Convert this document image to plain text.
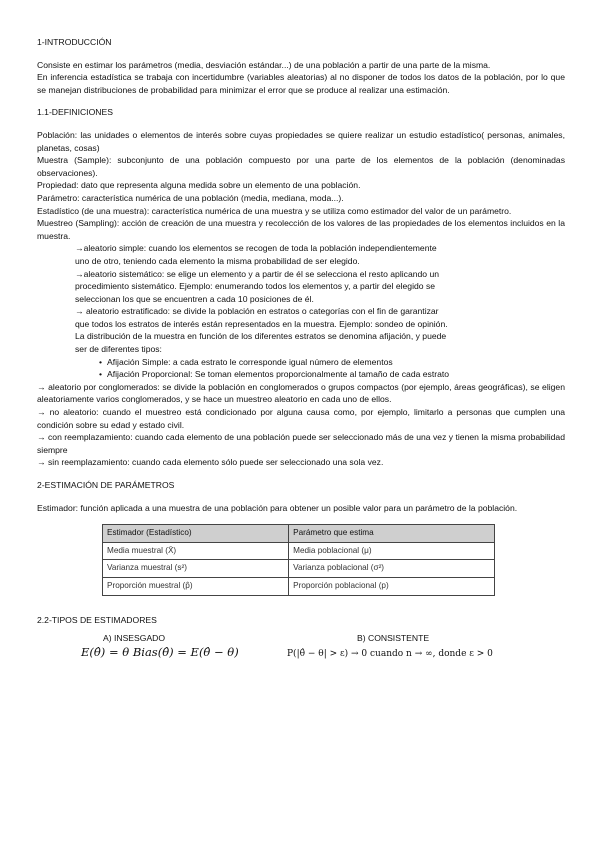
1-INTRODUCCIÓN

Consiste en estimar los parámetros (media, desviación estándar...) de una población a partir de una parte de la misma.

En inferencia estadística se trabaja con incertidumbre (variables aleatorias) al no disponer de todos los datos de la población, por lo que se manejan distribuciones de probabilidad para minimizar el error que se produce al realizar una estimación.

1.1-DEFINICIONES

Población: las unidades o elementos de interés sobre cuyas propiedades se quiere realizar un estudio estadístico( personas, animales, planetas, cosas)

Muestra (Sample): subconjunto de una población compuesto por una parte de los elementos de la población (denominadas observaciones).

Propiedad: dato que representa alguna medida sobre un elemento de una población.

Parámetro: característica numérica de una población (media, mediana, moda...).

Estadístico (de una muestra): característica numérica de una muestra y se utiliza como estimador del valor de un parámetro.

Muestreo (Sampling): acción de creación de una muestra y recolección de los valores de las propiedades de los elementos incluidos en la muestra.

→aleatorio simple: cuando los elementos se recogen de toda la población independientemente

uno de otro, teniendo cada elemento la misma probabilidad de ser elegido.

→aleatorio sistemático: se elige un elemento y a partir de él se selecciona el resto aplicando un

procedimiento sistemático. Ejemplo: enumerando todos los elementos y, a partir del elegido se

seleccionan los que se encuentren a cada 10 posiciones de él.

→ aleatorio estratificado: se divide la población en estratos o categorías con el fin de garantizar

que todos los estratos de interés están representados en la muestra. Ejemplo: sondeo de opinión.

La distribución de la muestra en función de los diferentes estratos se denomina afijación, y puede

ser de diferentes tipos:

• Afijación Simple: a cada estrato le corresponde igual número de elementos

• Afijación Proporcional: Se toman elementos proporcionalmente al tamaño de cada estrato

→ aleatorio por conglomerados: se divide la población en conglomerados o grupos compactos (por ejemplo, áreas geográficas), se eligen aleatoriamente varios conglomerados, y se hace un muestreo aleatorio en cada uno de ellos.

→ no aleatorio: cuando el muestreo está condicionado por alguna causa como, por ejemplo, limitarlo a personas que cumplen una condición sobre su edad y estado civil.

→ con reemplazamiento: cuando cada elemento de una población puede ser seleccionado más de una vez y tienen la misma probabilidad siempre

→ sin reemplazamiento: cuando cada elemento sólo puede ser seleccionado una sola vez.

2-ESTIMACIÓN DE PARÁMETROS

Estimador: función aplicada a una muestra de una población para obtener un posible valor para un parámetro de la población.

Estimador (Estadístico)	Parámetro que estima
Media muestral (X̄)	Media poblacional (μ)
Varianza muestral (s²)	Varianza poblacional (σ²)
Proporción muestral (p̂)	Proporción poblacional (p)
2.2-TIPOS DE ESTIMADORES
A) INSESGADO	B) CONSISTENTE
E(θ̂) = θ Bias(θ̂) = E(θ̂ − θ)	P(|θ̂ − θ| > ε) → 0 cuando n → ∞, donde ε > 0
